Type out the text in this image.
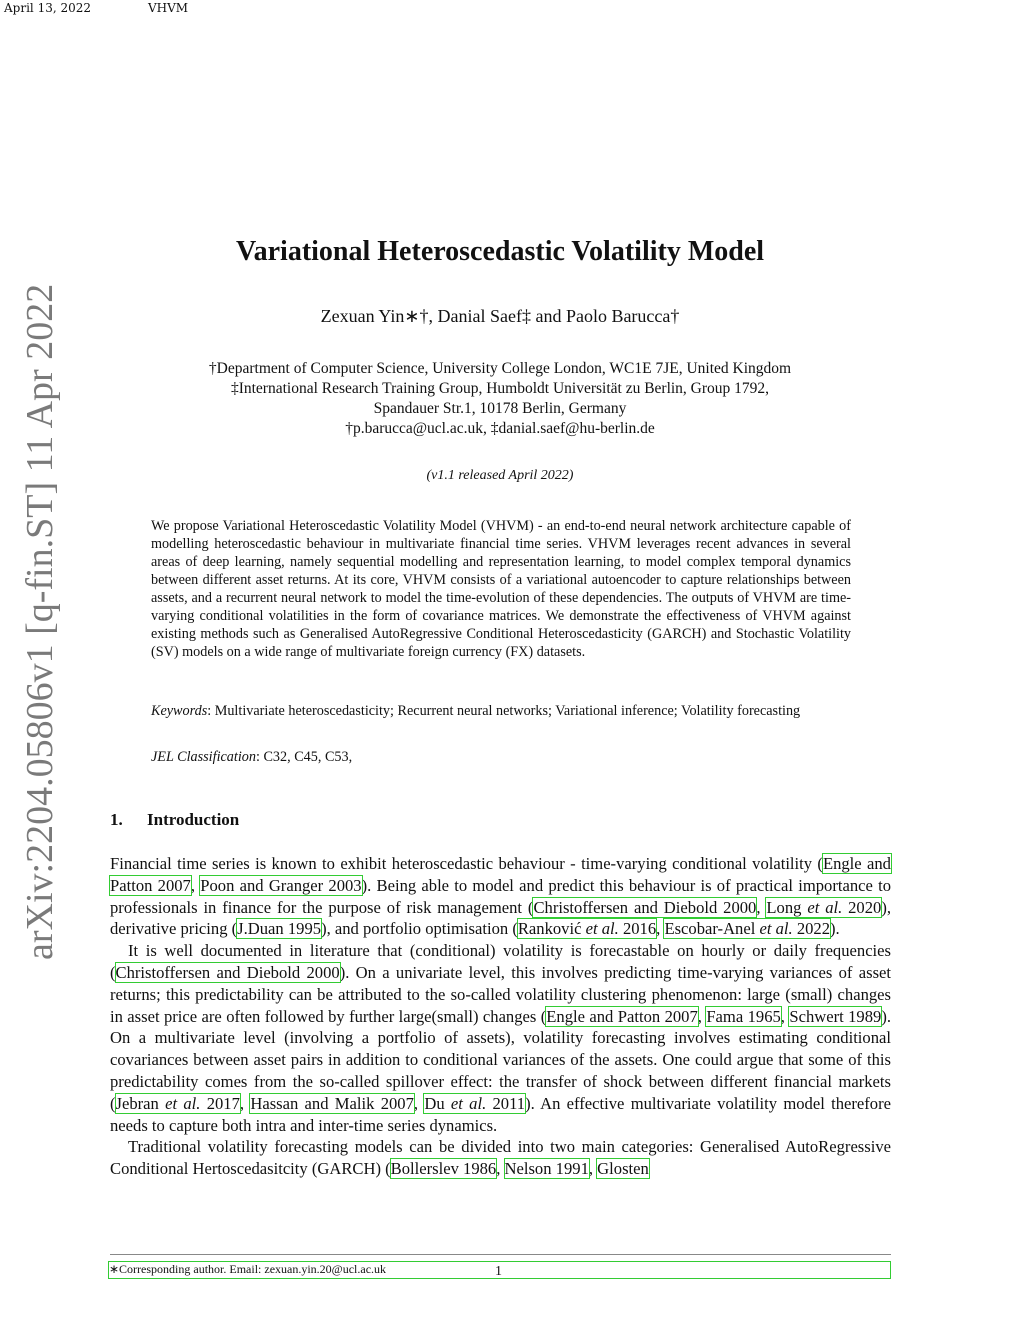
April 13, 2022	VHVM
arXiv:2204.05806v1 [q-fin.ST] 11 Apr 2022
Variational Heteroscedastic Volatility Model
Zexuan Yin∗†, Danial Saef‡ and Paolo Barucca†
†Department of Computer Science, University College London, WC1E 7JE, United Kingdom
‡International Research Training Group, Humboldt Universität zu Berlin, Group 1792,
Spandauer Str.1, 10178 Berlin, Germany
†p.barucca@ucl.ac.uk, ‡danial.saef@hu-berlin.de
(v1.1 released April 2022)
We propose Variational Heteroscedastic Volatility Model (VHVM) - an end-to-end neural network architecture capable of modelling heteroscedastic behaviour in multivariate financial time series. VHVM leverages recent advances in several areas of deep learning, namely sequential modelling and representation learning, to model complex temporal dynamics between different asset returns. At its core, VHVM consists of a variational autoencoder to capture relationships between assets, and a recurrent neural network to model the time-evolution of these dependencies. The outputs of VHVM are time-varying conditional volatilities in the form of covariance matrices. We demonstrate the effectiveness of VHVM against existing methods such as Generalised AutoRegressive Conditional Heteroscedasticity (GARCH) and Stochastic Volatility (SV) models on a wide range of multivariate foreign currency (FX) datasets.
Keywords: Multivariate heteroscedasticity; Recurrent neural networks; Variational inference; Volatility forecasting
JEL Classification: C32, C45, C53,
1. Introduction

Financial time series is known to exhibit heteroscedastic behaviour - time-varying conditional volatility (Engle and Patton 2007, Poon and Granger 2003). Being able to model and predict this behaviour is of practical importance to professionals in finance for the purpose of risk management (Christoffersen and Diebold 2000, Long et al. 2020), derivative pricing (J.Duan 1995), and portfolio optimisation (Ranković et al. 2016, Escobar-Anel et al. 2022).

It is well documented in literature that (conditional) volatility is forecastable on hourly or daily frequencies (Christoffersen and Diebold 2000). On a univariate level, this involves predicting time-varying variances of asset returns; this predictability can be attributed to the so-called volatility clustering phenomenon: large (small) changes in asset price are often followed by further large(small) changes (Engle and Patton 2007, Fama 1965, Schwert 1989). On a multivariate level (involving a portfolio of assets), volatility forecasting involves estimating conditional covariances between asset pairs in addition to conditional variances of the assets. One could argue that some of this predictability comes from the so-called spillover effect: the transfer of shock between different financial markets (Jebran et al. 2017, Hassan and Malik 2007, Du et al. 2011). An effective multivariate volatility model therefore needs to capture both intra and inter-time series dynamics.

Traditional volatility forecasting models can be divided into two main categories: Generalised AutoRegressive Conditional Hertoscedasitcity (GARCH) (Bollerslev 1986, Nelson 1991, Glosten

∗Corresponding author. Email: zexuan.yin.20@ucl.ac.uk	1
